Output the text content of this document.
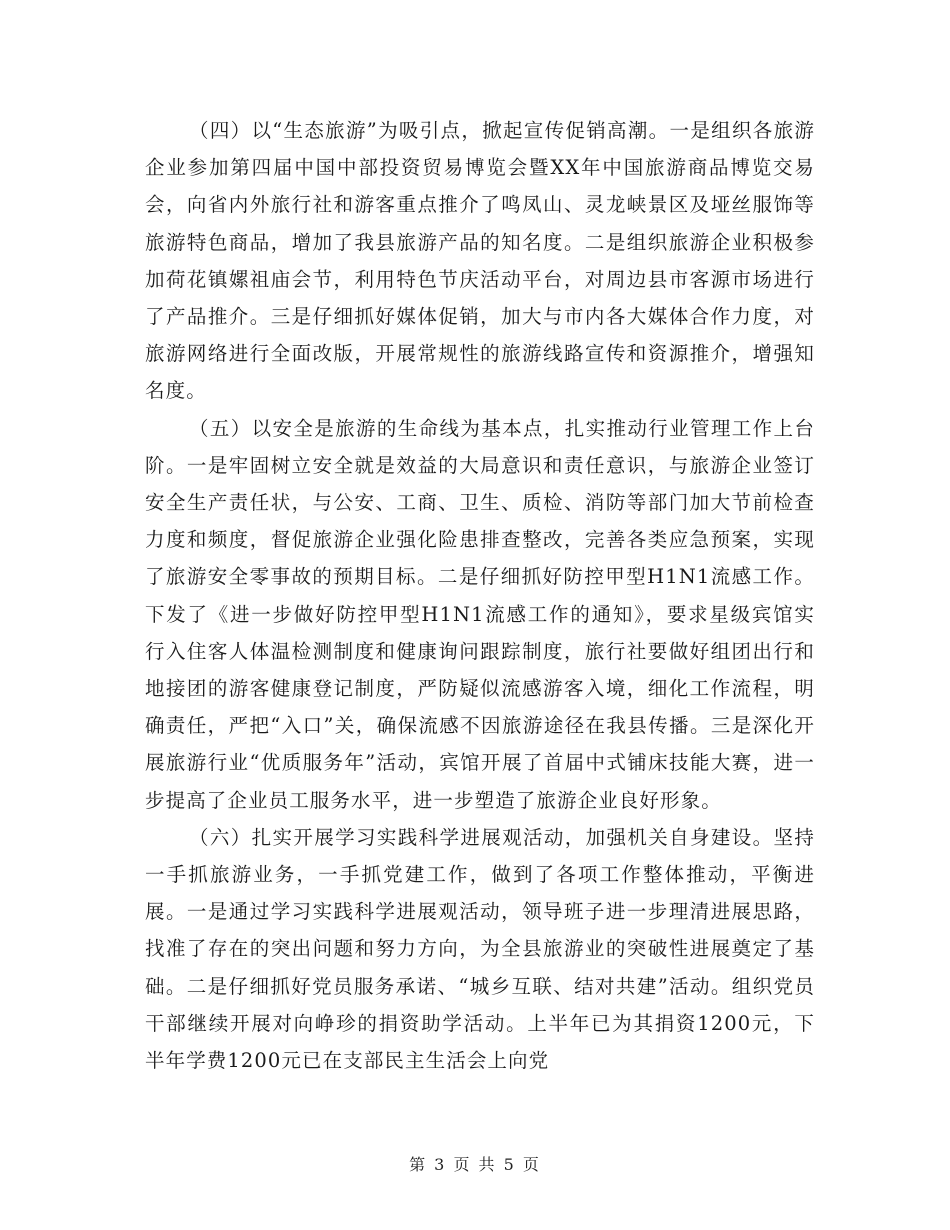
（四）以“生态旅游”为吸引点，掀起宣传促销高潮。一是组织各旅游企业参加第四届中国中部投资贸易博览会暨XX年中国旅游商品博览交易会，向省内外旅行社和游客重点推介了鸣凤山、灵龙峡景区及垭丝服饰等旅游特色商品，增加了我县旅游产品的知名度。二是组织旅游企业积极参加荷花镇嫘祖庙会节，利用特色节庆活动平台，对周边县市客源市场进行了产品推介。三是仔细抓好媒体促销，加大与市内各大媒体合作力度，对旅游网络进行全面改版，开展常规性的旅游线路宣传和资源推介，增强知名度。

（五）以安全是旅游的生命线为基本点，扎实推动行业管理工作上台阶。一是牢固树立安全就是效益的大局意识和责任意识，与旅游企业签订安全生产责任状，与公安、工商、卫生、质检、消防等部门加大节前检查力度和频度，督促旅游企业强化险患排查整改，完善各类应急预案，实现了旅游安全零事故的预期目标。二是仔细抓好防控甲型H1N1流感工作。下发了《进一步做好防控甲型H1N1流感工作的通知》，要求星级宾馆实行入住客人体温检测制度和健康询问跟踪制度，旅行社要做好组团出行和地接团的游客健康登记制度，严防疑似流感游客入境，细化工作流程，明确责任，严把“入口”关，确保流感不因旅游途径在我县传播。三是深化开展旅游行业“优质服务年”活动，宾馆开展了首届中式铺床技能大赛，进一步提高了企业员工服务水平，进一步塑造了旅游企业良好形象。

（六）扎实开展学习实践科学进展观活动，加强机关自身建设。坚持一手抓旅游业务，一手抓党建工作，做到了各项工作整体推动，平衡进展。一是通过学习实践科学进展观活动，领导班子进一步理清进展思路，找准了存在的突出问题和努力方向，为全县旅游业的突破性进展奠定了基础。二是仔细抓好党员服务承诺、“城乡互联、结对共建”活动。组织党员干部继续开展对向峥珍的捐资助学活动。上半年已为其捐资1200元，下半年学费1200元已在支部民主生活会上向党

第 3 页 共 5 页
